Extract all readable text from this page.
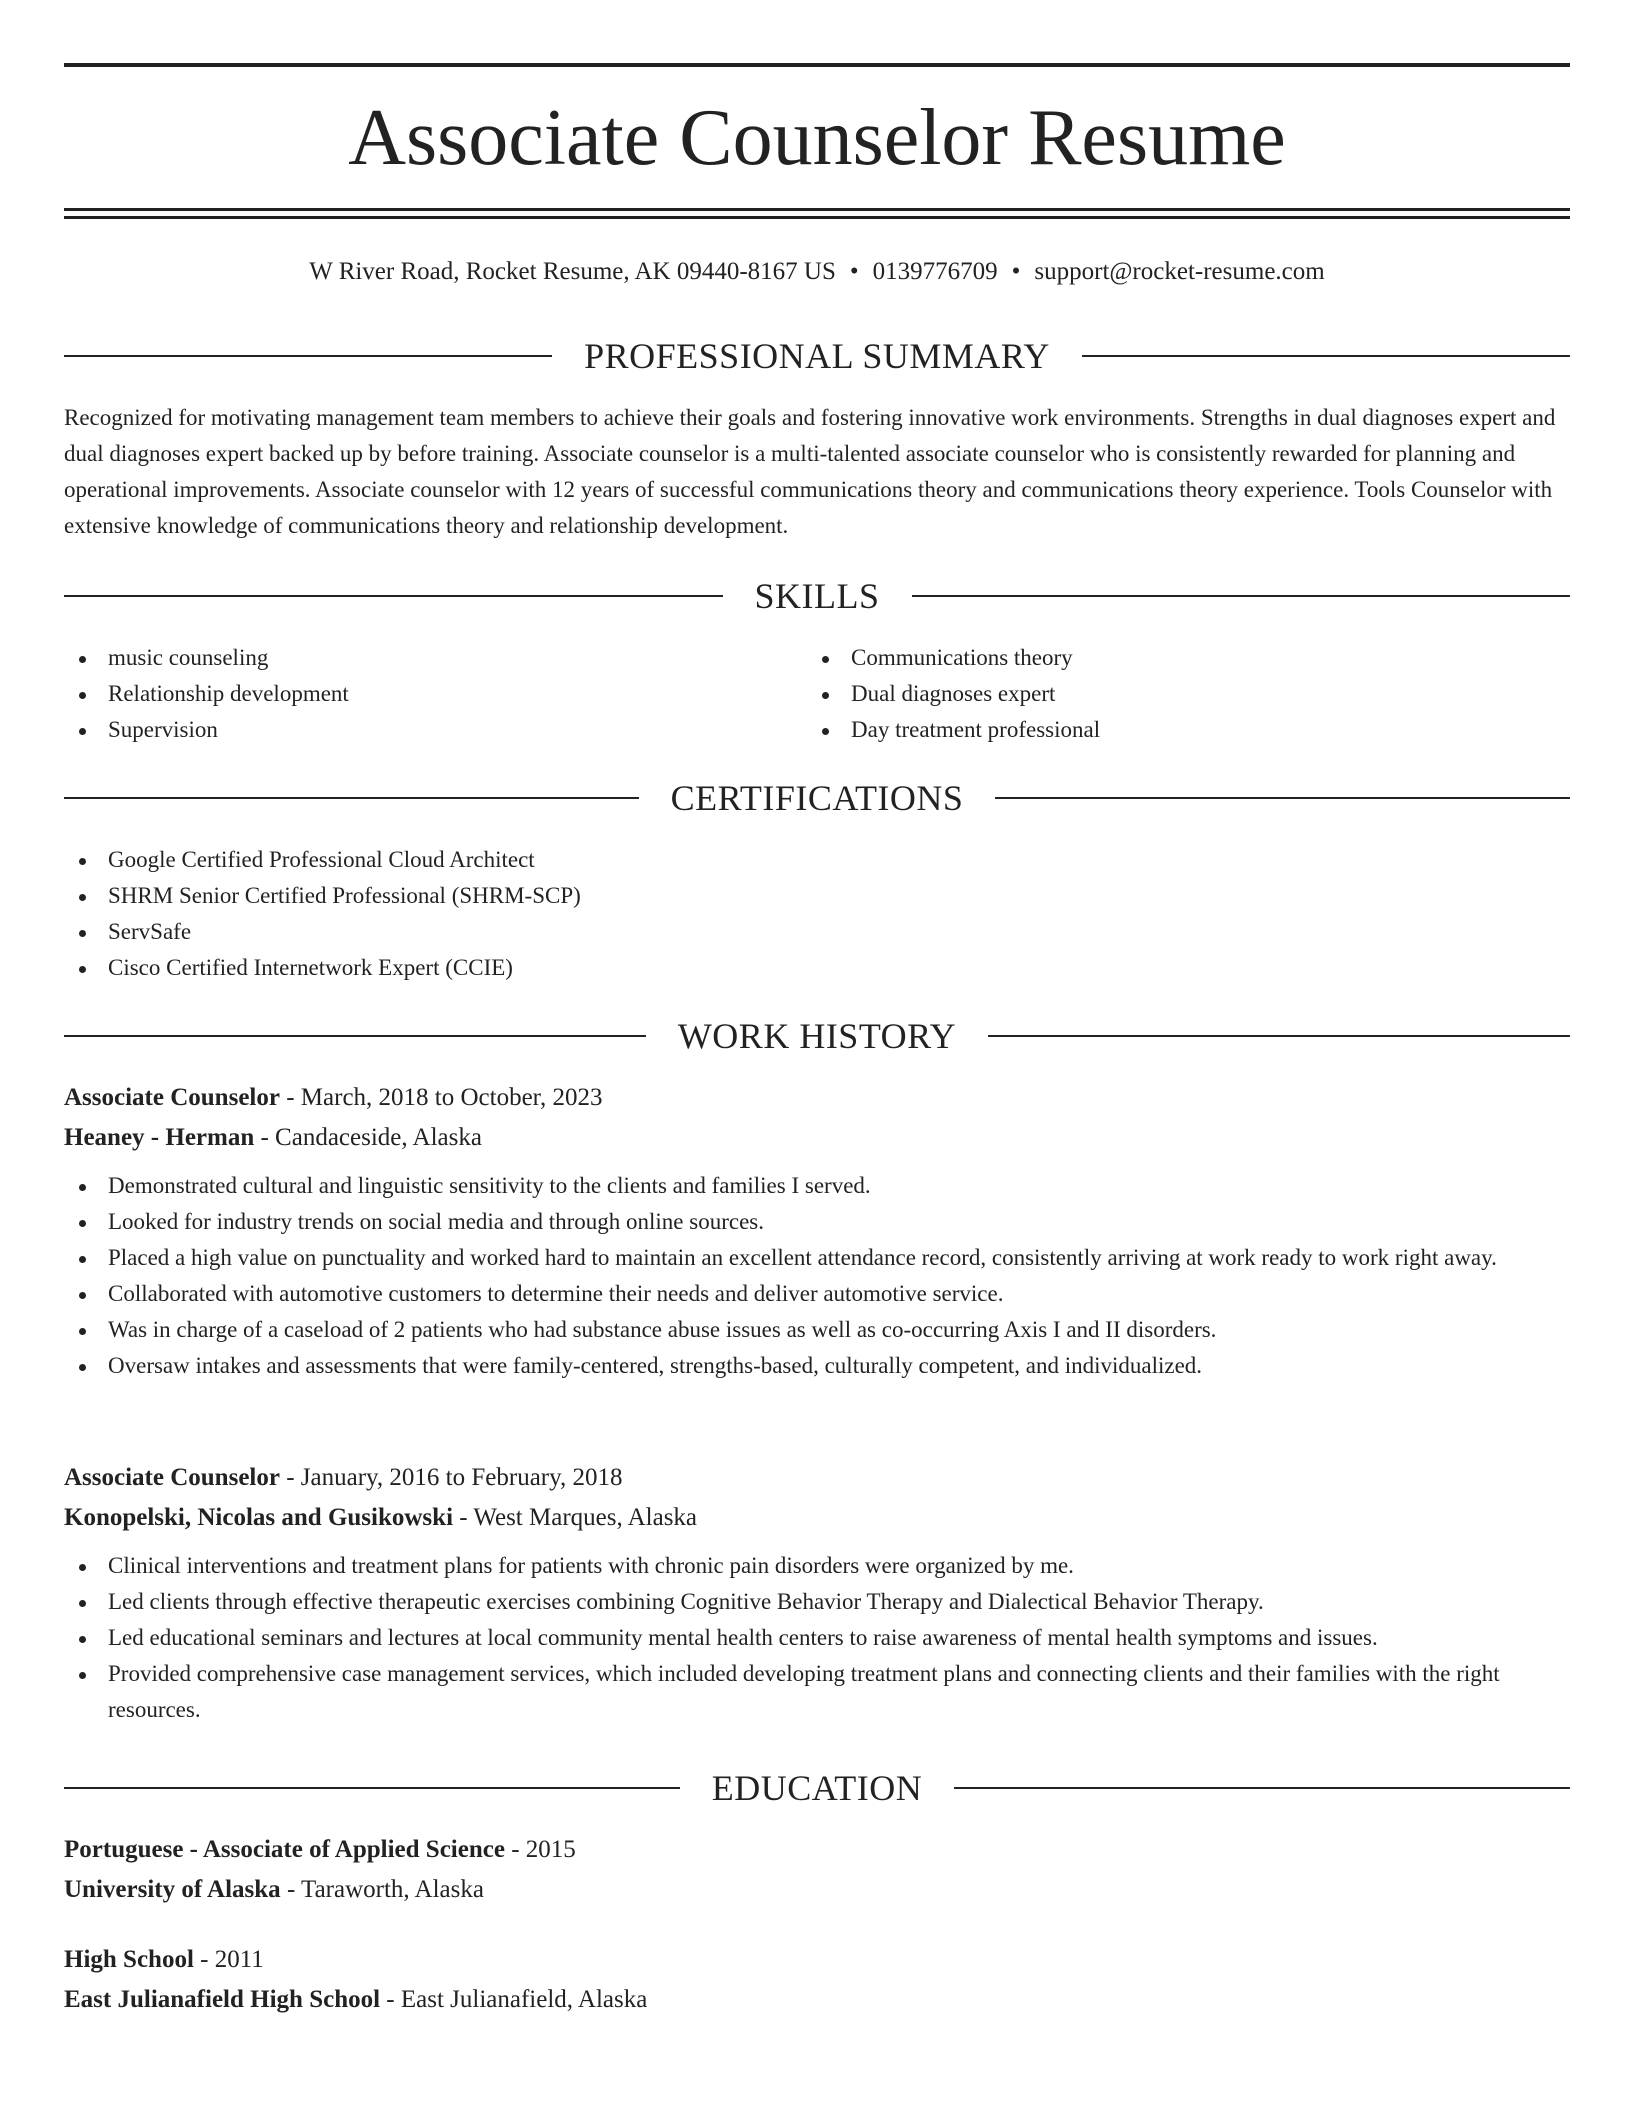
Associate Counselor Resume
W River Road, Rocket Resume, AK 09440-8167 US • 0139776709 • support@rocket-resume.com
PROFESSIONAL SUMMARY

Recognized for motivating management team members to achieve their goals and fostering innovative work environments. Strengths in dual diagnoses expert and dual diagnoses expert backed up by before training. Associate counselor is a multi-talented associate counselor who is consistently rewarded for planning and operational improvements. Associate counselor with 12 years of successful communications theory and communications theory experience. Tools Counselor with extensive knowledge of communications theory and relationship development.

SKILLS
music counseling
Relationship development
Supervision
Communications theory
Dual diagnoses expert
Day treatment professional
CERTIFICATIONS
Google Certified Professional Cloud Architect
SHRM Senior Certified Professional (SHRM-SCP)
ServSafe
Cisco Certified Internetwork Expert (CCIE)
WORK HISTORY
Associate Counselor - March, 2018 to October, 2023
Heaney - Herman - Candaceside, Alaska
Demonstrated cultural and linguistic sensitivity to the clients and families I served.
Looked for industry trends on social media and through online sources.
Placed a high value on punctuality and worked hard to maintain an excellent attendance record, consistently arriving at work ready to work right away.
Collaborated with automotive customers to determine their needs and deliver automotive service.
Was in charge of a caseload of 2 patients who had substance abuse issues as well as co-occurring Axis I and II disorders.
Oversaw intakes and assessments that were family-centered, strengths-based, culturally competent, and individualized.
Associate Counselor - January, 2016 to February, 2018
Konopelski, Nicolas and Gusikowski - West Marques, Alaska
Clinical interventions and treatment plans for patients with chronic pain disorders were organized by me.
Led clients through effective therapeutic exercises combining Cognitive Behavior Therapy and Dialectical Behavior Therapy.
Led educational seminars and lectures at local community mental health centers to raise awareness of mental health symptoms and issues.
Provided comprehensive case management services, which included developing treatment plans and connecting clients and their families with the right resources.
EDUCATION
Portuguese - Associate of Applied Science - 2015
University of Alaska - Taraworth, Alaska
High School - 2011
East Julianafield High School - East Julianafield, Alaska
